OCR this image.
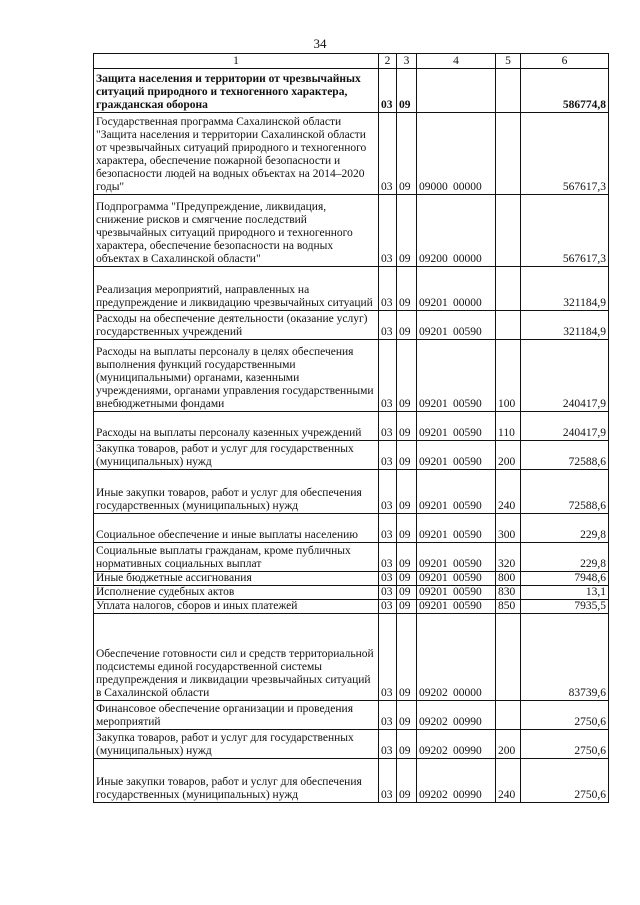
34
1	2	3	4	5	6
Защита населения и территории от чрезвычайных ситуаций природного и техногенного характера, гражданская оборона	03	09			586774,8
Государственная программа Сахалинской области "Защита населения и территории Сахалинской области от чрезвычайных ситуаций природного и техногенного характера, обеспечение пожарной безопасности и безопасности людей на водных объектах на 2014–2020 годы"	03	09	09000 00000		567617,3
Подпрограмма "Предупреждение, ликвидация, снижение рисков и смягчение последствий чрезвычайных ситуаций природного и техногенного характера, обеспечение безопасности на водных объектах в Сахалинской области"	03	09	09200 00000		567617,3
Реализация мероприятий, направленных на предупреждение и ликвидацию чрезвычайных ситуаций	03	09	09201 00000		321184,9
Расходы на обеспечение деятельности (оказание услуг) государственных учреждений	03	09	09201 00590		321184,9
Расходы на выплаты персоналу в целях обеспечения выполнения функций государственными (муниципальными) органами, казенными учреждениями, органами управления государственными внебюджетными фондами	03	09	09201 00590	100	240417,9
Расходы на выплаты персоналу казенных учреждений	03	09	09201 00590	110	240417,9
Закупка товаров, работ и услуг для государственных (муниципальных) нужд	03	09	09201 00590	200	72588,6
Иные закупки товаров, работ и услуг для обеспечения государственных (муниципальных) нужд	03	09	09201 00590	240	72588,6
Социальное обеспечение и иные выплаты населению	03	09	09201 00590	300	229,8
Социальные выплаты гражданам, кроме публичных нормативных социальных выплат	03	09	09201 00590	320	229,8
Иные бюджетные ассигнования	03	09	09201 00590	800	7948,6
Исполнение судебных актов	03	09	09201 00590	830	13,1
Уплата налогов, сборов и иных платежей	03	09	09201 00590	850	7935,5
Обеспечение готовности сил и средств территориальной подсистемы единой государственной системы предупреждения и ликвидации чрезвычайных ситуаций в Сахалинской области	03	09	09202 00000		83739,6
Финансовое обеспечение организации и проведения мероприятий	03	09	09202 00990		2750,6
Закупка товаров, работ и услуг для государственных (муниципальных) нужд	03	09	09202 00990	200	2750,6
Иные закупки товаров, работ и услуг для обеспечения государственных (муниципальных) нужд	03	09	09202 00990	240	2750,6
